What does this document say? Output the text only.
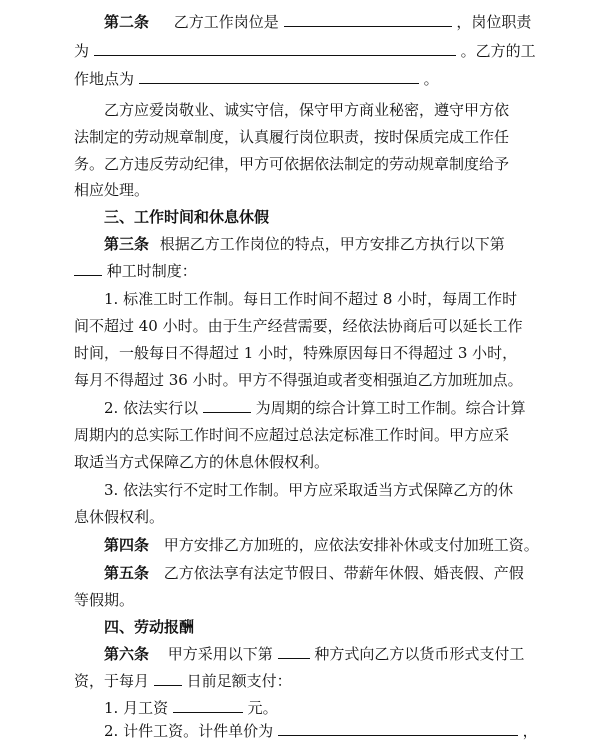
第二条 乙方工作岗位是	，岗位职责
为	。乙方的工
作地点为	。
乙方应爱岗敬业、诚实守信，保守甲方商业秘密，遵守甲方依
法制定的劳动规章制度，认真履行岗位职责，按时保质完成工作任
务。乙方违反劳动纪律，甲方可依据依法制定的劳动规章制度给予
相应处理。
三、工作时间和休息休假
第三条 根据乙方工作岗位的特点，甲方安排乙方执行以下第
种工时制度：
1. 标准工时工作制。每日工作时间不超过 8 小时，每周工作时
间不超过 40 小时。由于生产经营需要，经依法协商后可以延长工作
时间，一般每日不得超过 1 小时，特殊原因每日不得超过 3 小时，
每月不得超过 36 小时。甲方不得强迫或者变相强迫乙方加班加点。
2. 依法实行以	为周期的综合计算工时工作制。综合计算
周期内的总实际工作时间不应超过总法定标准工作时间。甲方应采
取适当方式保障乙方的休息休假权利。
3. 依法实行不定时工作制。甲方应采取适当方式保障乙方的休
息休假权利。
第四条 甲方安排乙方加班的，应依法安排补休或支付加班工资。
第五条 乙方依法享有法定节假日、带薪年休假、婚丧假、产假
等假期。
四、劳动报酬
第六条 甲方采用以下第	种方式向乙方以货币形式支付工
资，于每月	日前足额支付：
1. 月工资	元。
2. 计件工资。计件单价为	，
